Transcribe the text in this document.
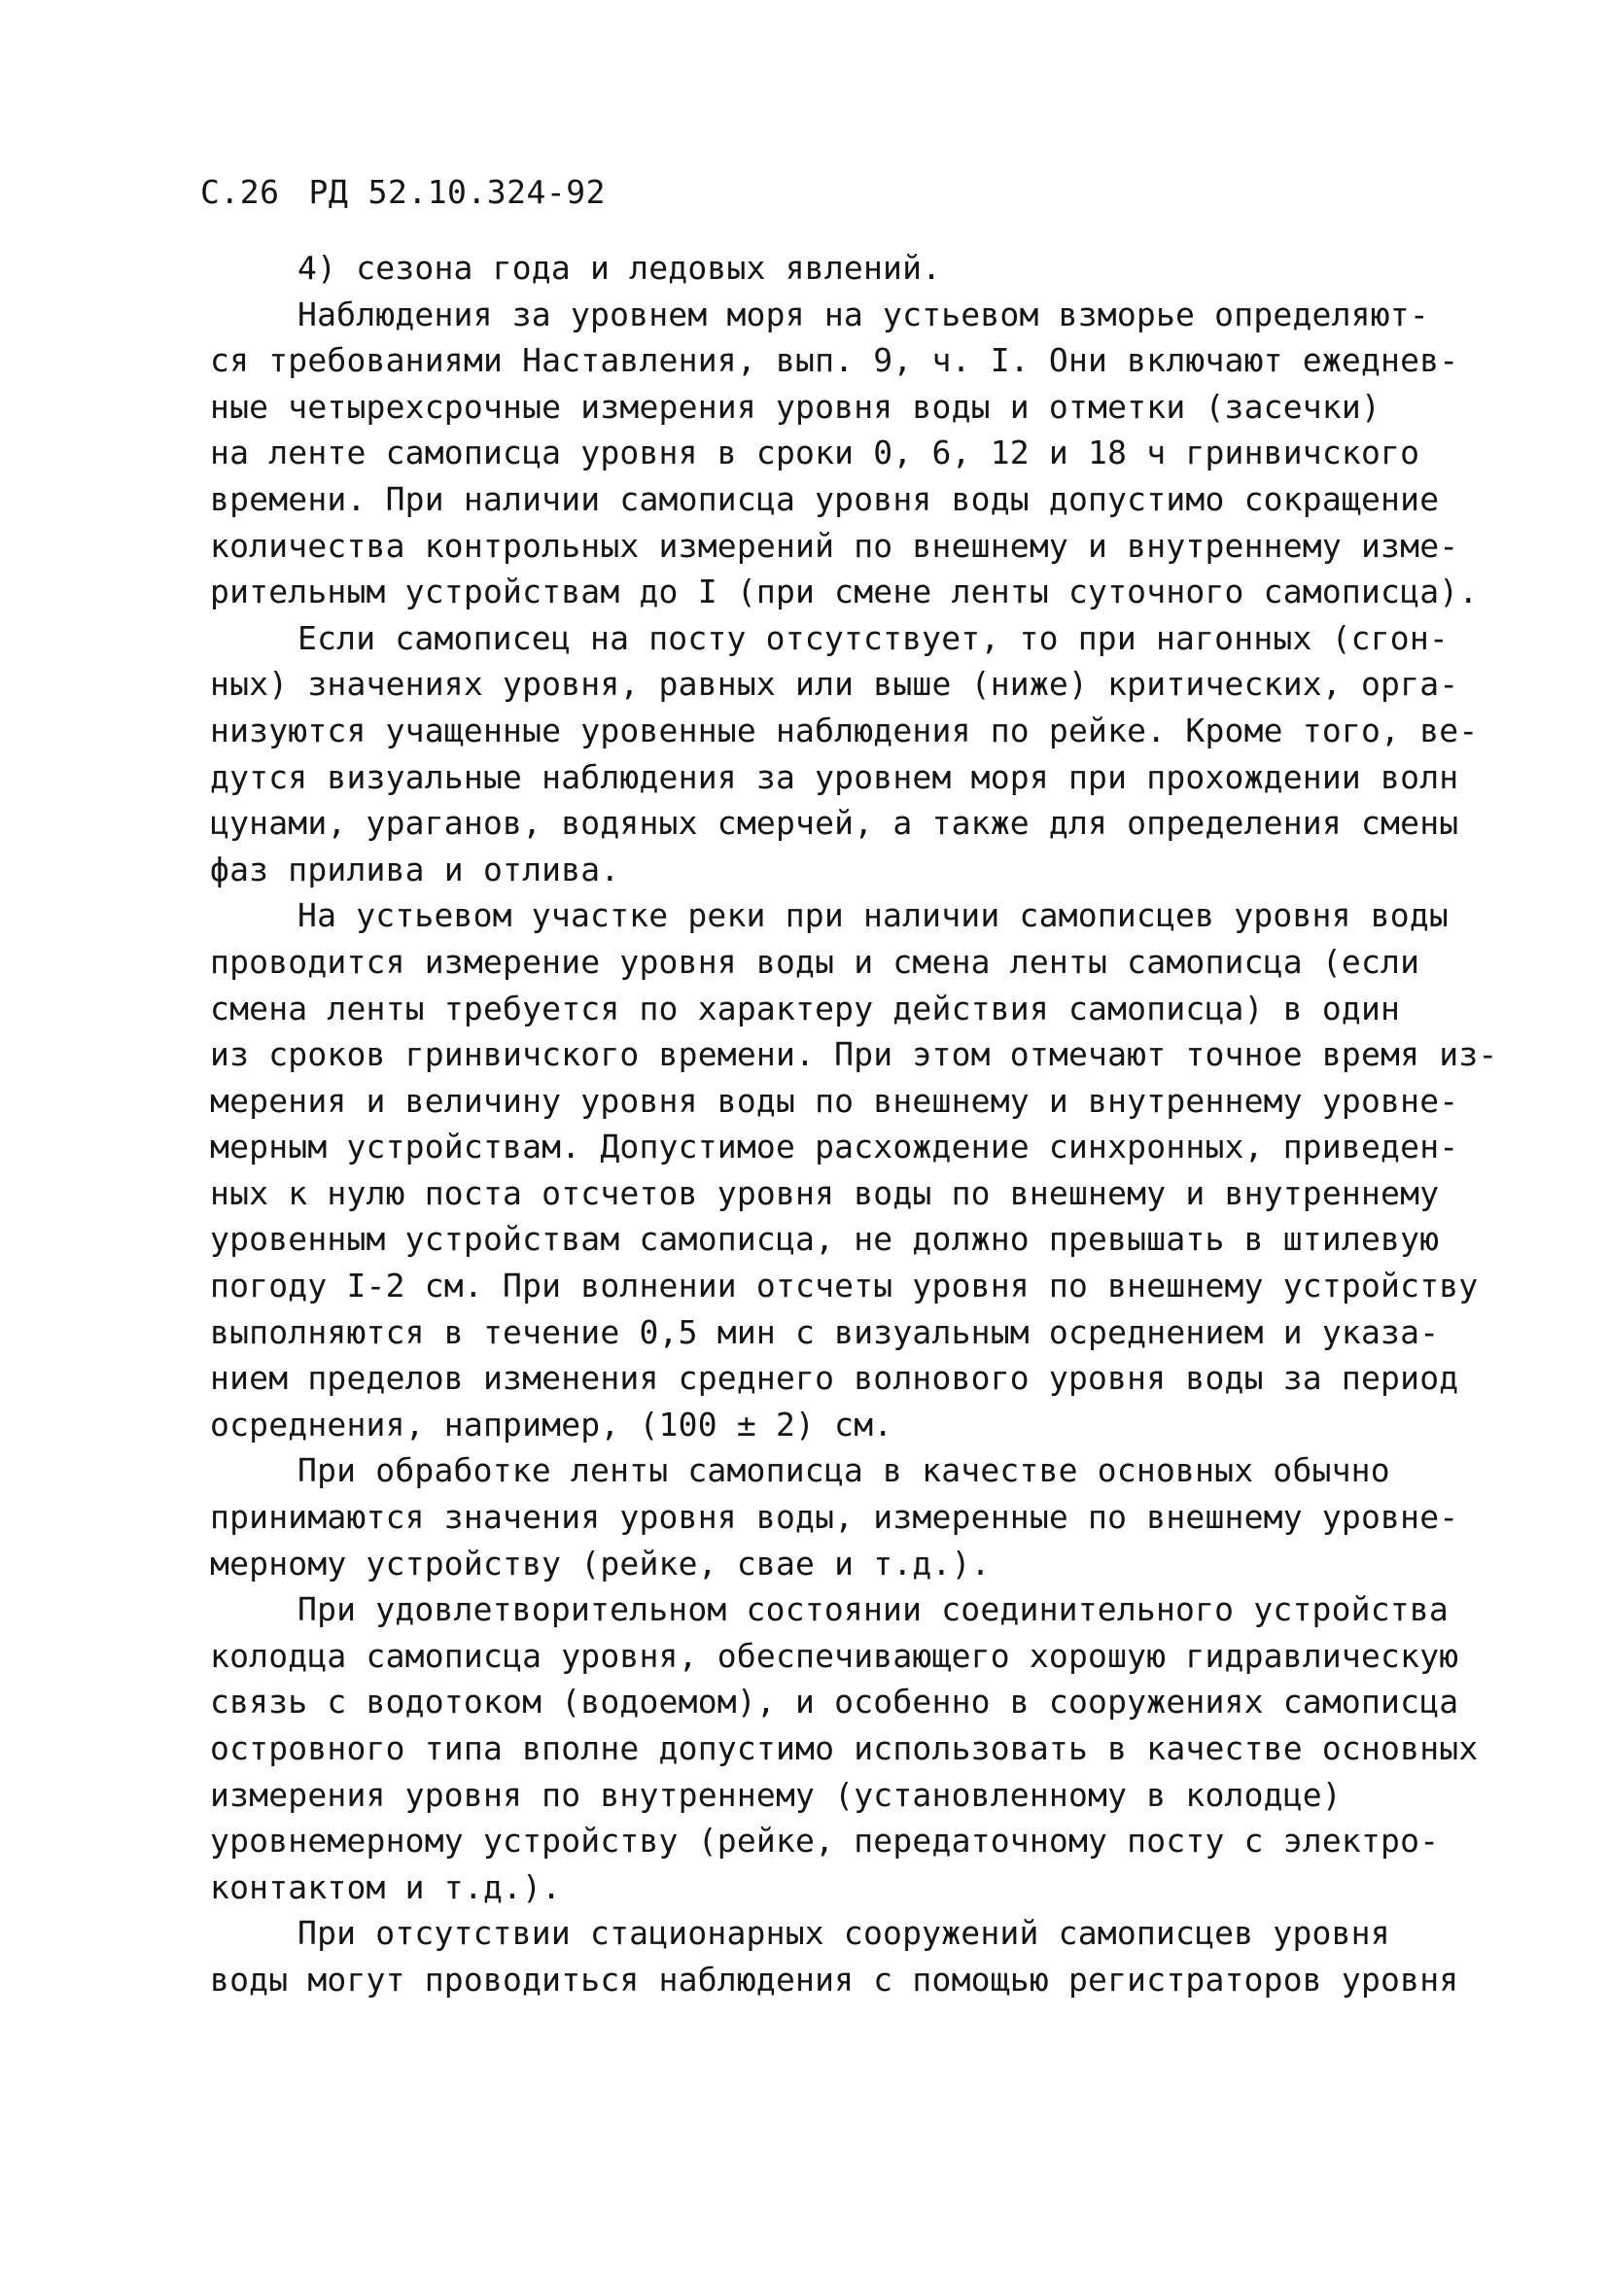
С.26 РД 52.10.324-92
4) сезона года и ледовых явлений.
Наблюдения за уровнем моря на устьевом взморье определяют-
ся требованиями Наставления, вып. 9, ч. I. Они включают ежеднев-
ные четырехсрочные измерения уровня воды и отметки (засечки)
на ленте самописца уровня в сроки 0, 6, 12 и 18 ч гринвичского
времени. При наличии самописца уровня воды допустимо сокращение
количества контрольных измерений по внешнему и внутреннему изме-
рительным устройствам до I (при смене ленты суточного самописца).
Если самописец на посту отсутствует, то при нагонных (сгон-
ных) значениях уровня, равных или выше (ниже) критических, орга-
низуются учащенные уровенные наблюдения по рейке. Кроме того, ве-
дутся визуальные наблюдения за уровнем моря при прохождении волн
цунами, ураганов, водяных смерчей, а также для определения смены
фаз прилива и отлива.
На устьевом участке реки при наличии самописцев уровня воды
проводится измерение уровня воды и смена ленты самописца (если
смена ленты требуется по характеру действия самописца) в один
из сроков гринвичского времени. При этом отмечают точное время из-
мерения и величину уровня воды по внешнему и внутреннему уровне-
мерным устройствам. Допустимое расхождение синхронных, приведен-
ных к нулю поста отсчетов уровня воды по внешнему и внутреннему
уровенным устройствам самописца, не должно превышать в штилевую
погоду I-2 см. При волнении отсчеты уровня по внешнему устройству
выполняются в течение 0,5 мин с визуальным осреднением и указа-
нием пределов изменения среднего волнового уровня воды за период
осреднения, например, (100 ± 2) см.
При обработке ленты самописца в качестве основных обычно
принимаются значения уровня воды, измеренные по внешнему уровне-
мерному устройству (рейке, свае и т.д.).
При удовлетворительном состоянии соединительного устройства
колодца самописца уровня, обеспечивающего хорошую гидравлическую
связь с водотоком (водоемом), и особенно в сооружениях самописца
островного типа вполне допустимо использовать в качестве основных
измерения уровня по внутреннему (установленному в колодце)
уровнемерному устройству (рейке, передаточному посту с электро-
контактом и т.д.).
При отсутствии стационарных сооружений самописцев уровня
воды могут проводиться наблюдения с помощью регистраторов уровня
